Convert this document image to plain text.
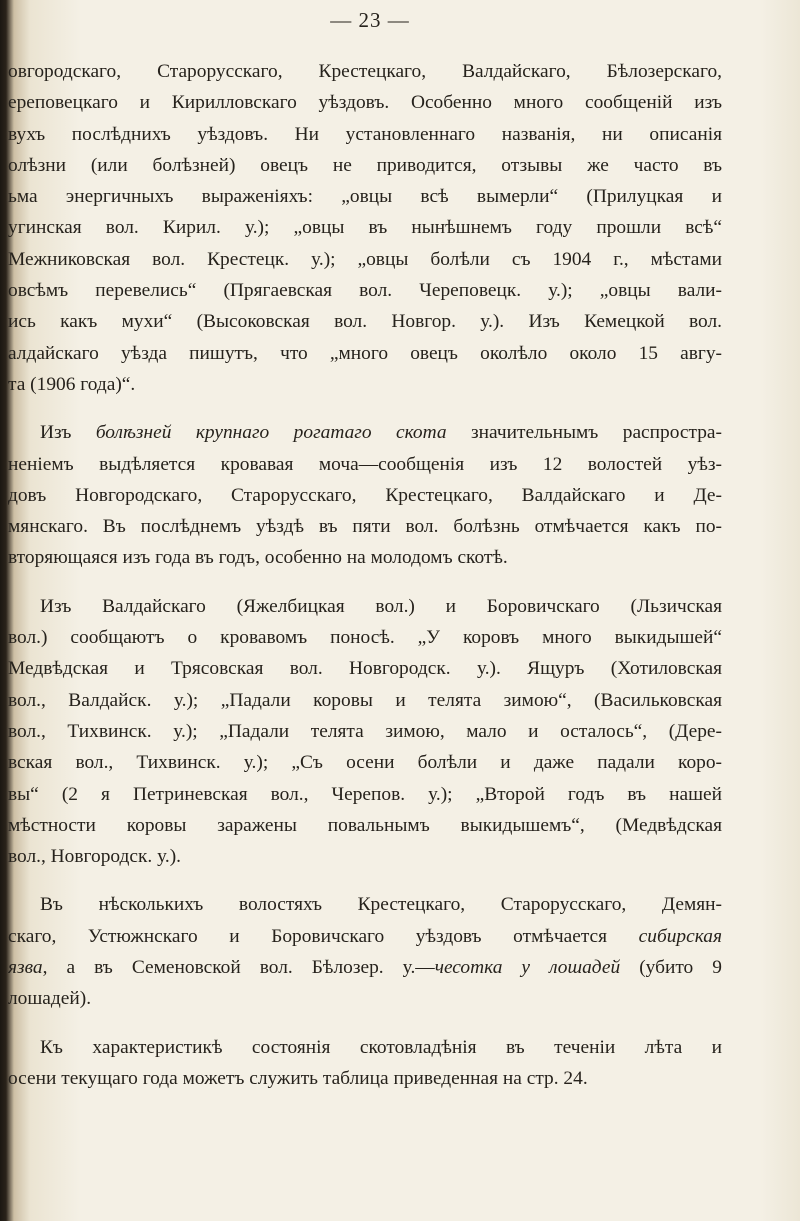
— 23 —
овгородскаго, Старорусскаго, Крестецкаго, Валдайскаго, Бѣлозерскаго,
ереповецкаго и Кирилловскаго уѣздовъ. Особенно много сообщенiй изъ
вухъ послѣднихъ уѣздовъ. Ни установленнаго названiя, ни описанiя
олѣзни (или болѣзней) овецъ не приводится, отзывы же часто въ
ьма энергичныхъ выраженiяхъ: „овцы всѣ вымерли“ (Прилуцкая и
угинская вол. Кирил. у.); „овцы въ нынѣшнемъ году прошли всѣ“
Межниковская вол. Крестецк. у.); „овцы болѣли съ 1904 г., мѣстами
овсѣмъ перевелись“ (Прягаевская вол. Череповецк. у.); „овцы вали-
ись какъ мухи“ (Высоковская вол. Новгор. у.). Изъ Кемецкой вол.
алдайскаго уѣзда пишутъ, что „много овецъ околѣло около 15 авгу-
та (1906 года)“.
Изъ болѣзней крупнаго рогатаго скота значительнымъ распростра-
ненiемъ выдѣляется кровавая моча—сообщенiя изъ 12 волостей уѣз-
довъ Новгородскаго, Старорусскаго, Крестецкаго, Валдайскаго и Де-
мянскаго. Въ послѣднемъ уѣздѣ въ пяти вол. болѣзнь отмѣчается какъ по-
вторяющаяся изъ года въ годъ, особенно на молодомъ скотѣ.
Изъ Валдайскаго (Яжелбицкая вол.) и Боровичскаго (Льзичская
вол.) сообщаютъ о кровавомъ поносѣ. „У коровъ много выкидышей“
Медвѣдская и Трясовская вол. Новгородск. у.). Ящуръ (Хотиловская
вол., Валдайск. у.); „Падали коровы и телята зимою“, (Васильковская
вол., Тихвинск. у.); „Падали телята зимою, мало и осталось“, (Дере-
вская вол., Тихвинск. у.); „Съ осени болѣли и даже падали коро-
вы“ (2 я Петриневская вол., Черепов. у.); „Второй годъ въ нашей
мѣстности коровы заражены повальнымъ выкидышемъ“, (Медвѣдская
вол., Новгородск. у.).
Въ нѣсколькихъ волостяхъ Крестецкаго, Старорусскаго, Демян-
скаго, Устюжнскаго и Боровичскаго уѣздовъ отмѣчается сибирская
язва, а въ Семеновской вол. Бѣлозер. у.—чесотка у лошадей (убито 9
лошадей).
Къ характеристикѣ состоянiя скотовладѣнiя въ теченiи лѣта и
осени текущаго года можетъ служить таблица приведенная на стр. 24.
